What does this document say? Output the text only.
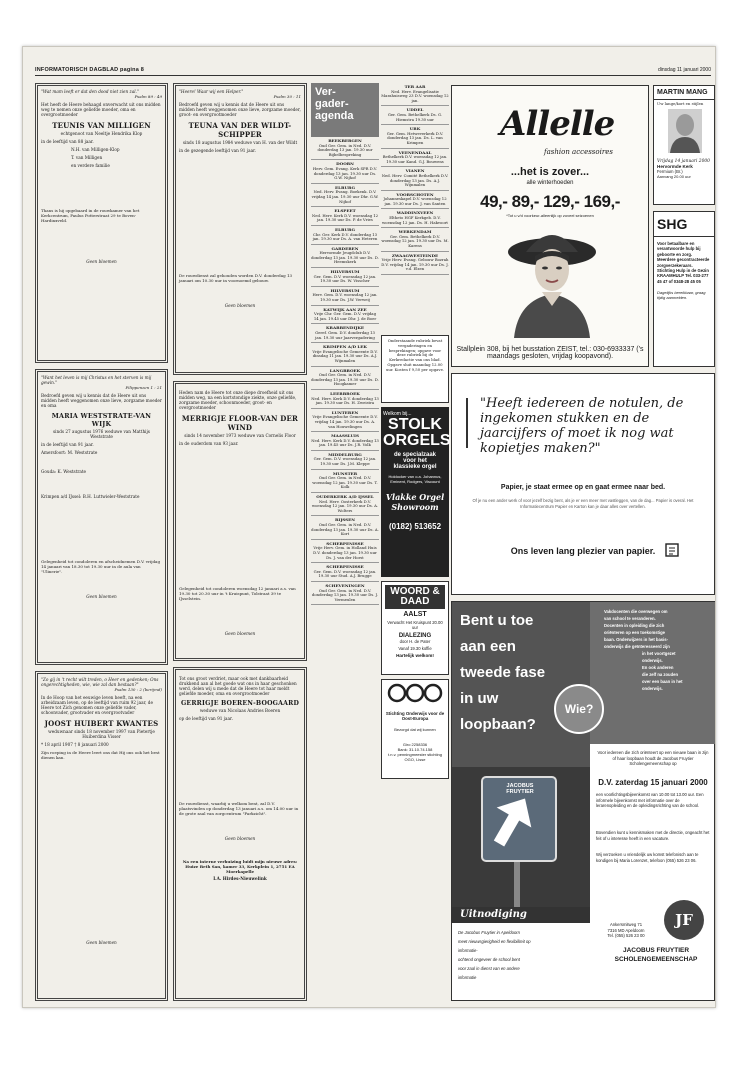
INFORMATORISCH DAGBLAD pagina 8	dinsdag 11 januari 2000
"Wat mam leeft er dat den dood niet zien zal."
Psalm 89 : 49
Het heeft de Heere behaagd onverwacht uit ons midden weg te nemen onze geliefde moeder, oma en overgrootmoeder
TEUNIS VAN MILLIGEN
echtgenoot van Neeltje Hendrika Klop
in de leeftijd van 88 jaar.
N.H. van Milligen-Klop
T. van Milligen
en verdere familie
Thans is hij opgebaard in de rouwkamer van het Kerkcentrum, Paulus Potterstraat 29 te Boven-Hardinxveld.
Geen bloemen
"Want het leven is mij Christus en het sterven is mij gewin."
Filippenzen 1 : 21
Bedroefd geven wij u kennis dat de Heere uit ons midden heeft weggenomen onze lieve, zorgzame moeder en oma
MARIA WESTSTRATE-VAN WIJK
sinds 27 augustus 1976 weduwe van Matthijs Weststrate
in de leeftijd van 91 jaar.
Amersfoort: M. Weststrate
Gouda: K. Weststrate
Krimpen a/d IJssel: B.H. Luttwieler-Weststrate
Gelegenheid tot condoleren en afscheidnemen D.V. vrijdag 14 januari van 18.30 tot 19.30 uur in de aula van "Ulinerie".
Geen bloemen
"Zo gij in 't recht wilt treden, o Heer en gedenken; Ons ongerechtigheden, wie, wie zal dan bestaan?"
Psalm 130 : 2 (berijmd)
In de Hoop van het eeuwige leven heeft, na een arbeidzaam leven, op de leeftijd van ruim 92 jaar, de Heere tot Zich genomen onze geliefde vader, schoonvader, grootvader en overgrootvader
JOOST HUIBERT KWANTES
weduwnaar sinds 18 november 1997 van Pietertje Huiberdina Visser
* 18 april 1907 † 8 januari 2000
Zijn roeping in de Heere leert ons dat Hij ons ook het best dienen kan.
Geen bloemen
"Heere! Waar wij een Helper."
Psalm 30 : 11
Bedroefd geven wij u kennis dat de Heere uit ons midden heeft weggenomen onze lieve, zorgzame moeder, groot- en overgrootmoeder
TEUNA VAN DER WILDT-SCHIPPER
sinds 18 augustus 1984 weduwe van H. van der Wildt
in de gezegende leeftijd van 91 jaar.
De rouwdienst zal gehouden worden D.V. donderdag 13 januari om 10.30 uur in voornoemd gebouw.
Geen bloemen
Heden nam de Heere tot onze diepe droefheid uit ons midden weg, na een kortstondige ziekte, onze geliefde, zorgzame moeder, schoonmoeder, groot- en overgrootmoeder
MERRIGJE FLOOR-VAN DER WIND
sinds 14 november 1973 weduwe van Cornelis Floor
in de ouderdom van 93 jaar.
Gelegenheid tot condoleren woensdag 12 januari a.s. van 19.30 tot 20.30 uur in 't Kruispunt, Tolstraat 39 te IJsselstein.
Geen bloemen
Tot ons groot verdriet, maar ook met dankbaarheid drukkend aan al het goede wat ons in haar geschonken werd, delen wij u mede dat de Heere tot haar meldt geliefde moeder, oma en overgrootmoeder
GERRIGJE BOEREN-BOOGAARD
weduwe van Nicolaas Andries Boeren
op de leeftijd van 91 jaar.
De rouwdienst, waarbij u welkom bent, zal D.V. plaatsvinden op donderdag 13 januari a.s. om 14.00 uur in de grote zaal van zorgcentrum "Parkzicht".
Geen bloemen
Na een interne verhuizing luidt mijn nieuwe adres: Huize Beth San, kamer 33, Kerkplein 1, 2751 EA Moerkapelle
I.A. Hirdes-Nieuwelink
Ver-
gader-
agenda
BEEKBERGEN
Oud Ger. Gem. in Ned. D.V. donderdag 13 jan. 19.30 uur Bijbelbespreking
DOORN
Herv. Gem. Evang. Kerk SPR D.V. donderdag 13 jan. 19.30 uur Ds. G.W. Nijhof
ELBURG
Ned. Herv. Evang. Boekenk. D.V. vrijdag 14 jan. 19.30 uur Dhr. G.W. Nijhof
ELSPEET
Ned. Herv. Kerk D.V. woensdag 12 jan. 19.30 uur Ds. P. de Vries
ELBURG
Chr. Ger. Kerk D.V. donderdag 13 jan. 19.30 uur Ds. A. van Heteren
GARDEREN
Hervormde Jeugdclub D.V. donderdag 13 jan. 19.30 uur Ds. D. Heemskerk
HILVERSUM
Ger. Gem. D.V. woensdag 12 jan. 19.30 uur Ds. W. Visscher
HILVERSUM
Herv. Gem. D.V. woensdag 12 jan. 19.30 uur Ds. J.W. Verweij
KATWIJK AAN ZEE
Vrije Chr. Ger. Gem. D.V. vrijdag 14 jan. 19.45 uur Dhr. J. de Boer
KRABBENDIJKE
Geref. Gem. D.V. donderdag 13 jan. 19.30 uur Jaarvergadering
KRIMPEN A/D LEK
Vrije Evangelische Gemeente D.V. dinsdag 11 jan. 19.30 uur Ds. A.J. Wijnmalen
LANGBROEK
Oud Ger. Gem. in Ned. D.V. donderdag 13 jan. 19.30 uur Ds. D. Hoogkamer
LEERBROEK
Ned. Herv. Kerk D.V. donderdag 13 jan. 19.30 uur Ds. H. Zweistra
LUNTEREN
Vrije Evangelische Gemeente D.V. vrijdag 14 jan. 19.30 uur Ds. A. van Houwelingen
MAASSLUIS
Ned. Herv. Kerk D.V. donderdag 13 jan. 19.45 uur Ds. J.R. Volk
MIDDELBURG
Ger. Gem. D.V. woensdag 12 jan. 19.30 uur Ds. J.M. Kleppe
MUNSTER
Oud Ger. Gem. in Ned. D.V. woensdag 12 jan. 19.30 uur Ds. T. Kolk
OUDERKERK A/D IJSSEL
Ned. Herv. Oosterkerk D.V. woensdag 12 jan. 19.30 uur Ds. A. Wolters
RIJSSEN
Oud Ger. Gem. in Ned. D.V. donderdag 13 jan. 19.30 uur Ds. A. Kort
SCHERPENISSE
Vrije Herv. Gem. in Holland Huis D.V. donderdag 13 jan. 19.30 uur Ds. J. van der Horst
SCHERPENISSE
Ger. Gem. D.V. woensdag 12 jan. 19.30 uur Stud. A.J. Brugge
SCHEVENINGEN
Oud Ger. Gem. in Ned. D.V. donderdag 13 jan. 19.30 uur Ds. J. Vermeulen
TER AAR
Ned. Herv. Evangelisatie Marahuisweg 23 D.V. woensdag 12 jan.
UDDEL
Ger. Gem. Bethelkerk Ds. G. Hiemstra 19.30 uur
URK
Ger. Gem. Hetweverkerk D.V. donderdag 13 jan. Ds. L. van Krimpen
VEENENDAAL
Bethelkerk D.V. woensdag 12 jan. 19.30 uur Kand. G.J. Bouwens
VIANEN
Ned. Herv. Comité Bethelkerk D.V. donderdag 13 jan. Ds. A.J. Wijnmalen
VOORSCHOTEN
Johanneskapel D.V. woensdag 12 jan. 19.30 uur Ds. J. van Santen
WADDINXVEEN
Eltheto HGF Kerkgeb. D.V. woensdag 12 jan. Ds. H. Hakvoort
WERKENDAM
Ger. Gem. Bethelkerk D.V. woensdag 12 jan. 19.30 uur Ds. M. Karens
ZWAAGWESTEINDE
Vrije Herv. Evang. Gebouw Bozrah D.V. vrijdag 14 jan. 19.30 uur Ds. J. v.d. Elzen
Onderstaande rubriek bevat vergaderingen en besprekingen; opgave voor deze rubriek bij de Kerkredactie van ons blad. Opgave sluit maandag 12.00 uur. Kosten f 9,50 per opgave.
Welkom bij...
STOLK
ORGELS
de specialzaak
voor het
klassieke orgel
Holdocker van o.a. Johannus, Eminent, Rodgers, Viscount
Vlakke Orgel Showroom
(0182) 513652
WOORD & DAAD
AALST
Verwacht Het Kruispunt 20.00 uur
DIALEZING
door H. de Pater
Vanaf 19.30 koffie
Hartelijk welkom!
Stichting Onderwijs voor de Oost-Europa
Bezorgd dat wij kunnen
Giro 2258336
Bank: 31.10.74.158
t.n.v. penningmeester stichting OGO, Lisse
Allelle
fashion accessoires
...het is zover...
alle winterhoeden
49,- 89,- 129,- 169,-
*Tot u v/d voorkeur-alleenlijk op zoveel seizoenen
Stallplein 308, bij het busstation ZEIST, tel.: 030-6933337 ('s maandags gesloten, vrijdag koopavond).
MARTIN MANG
Uw lange/kort en stijlen
Vrijdag 14 januari 2000
Hervormde Kerk
Fermium (Br.)
Aanvang 20.00 uur
SHG
Voor betaalbare en verantwoorde hulp bij geboorte en zorg. Meerdere gecontracteerde zorgverzekeraars. Stichting Hulp in de Gezin KRAAMHULP Tel. 033-277 45 47 of 0348-28 45 05
Dagelijks bereikbaar, graag tijdig aanmelden.
"Heeft iedereen de notulen, de ingekomen stukken en de jaarcijfers of moet ik nog wat kopietjes maken?"
Papier, je staat ermee op en gaat ermee naar bed.
Of je nu een ander werk of voor jezelf bezig bent, als je er een meer met vastleggen, van de dag... Papier is overal. Het Informatiecentrum Papier en Karton kan je daar alles over vertellen.
Ons leven lang plezier van papier.
Bent u toe
aan een
tweede fase
in uw
loopbaan?
Vakdocenten die overwegen om
van school te veranderen.
Docenten in opleiding die zich
oriënteren op een toekomstige
baan. Onderwijzers in het basis-
onderwijs die geïnteresseerd zijn
in het voortgezet
onderwijs.
En ook anderen
die zelf na zouden
over een baan in het
onderwijs.
Wie?
JACOBUS
FRUYTIER
Uitnodiging
De Jacobus Fruytier in Apeldoorn
meet nieuwsgierigheid en flexibiliteit op
informatie-
ochtend ongeveer de school bent
voor zaal in dienst van en andere
informatie
Voor iedereen die zich oriënteert op een nieuwe baan in zijn of haar loopbaan houdt de Jacobus Fruytier Scholengemeenschap op
D.V. zaterdag 15 januari 2000
een voorlichtingsbijeenkomst van 10.00 tot 13.00 uur. Een informele bijeenkomst met informatie over de lerarenopleiding en de opleidingsrichting van de school.
Bovendien kunt u kennismaken met de directie, ongeacht het feit of u interesse heeft in een vacature.
Wij verzoeken u vriendelijk uw komst telefonisch aan te kondigen bij Maria Lorenzet, telefoon (055) 526 23 06.
Ankersmitweg 71
7316 MD Apeldoorn
Tel. (055) 526 23 00
JF
JACOBUS FRUYTIER
SCHOLENGEMEENSCHAP
